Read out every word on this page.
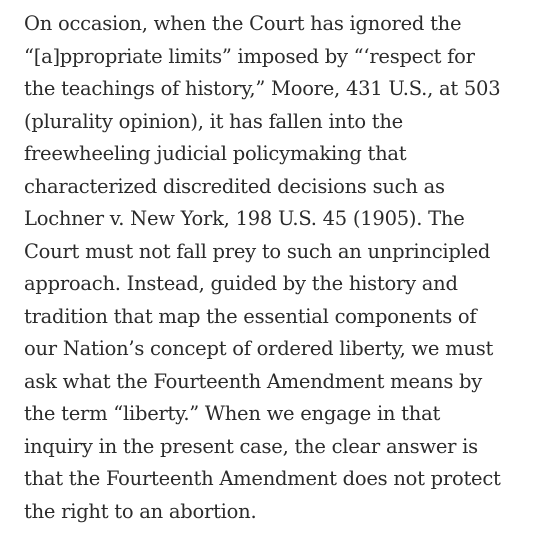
On occasion, when the Court has ignored the
“[a]ppropriate limits” imposed by “‘respect for
the teachings of history,” Moore, 431 U.S., at 503
(plurality opinion), it has fallen into the
freewheeling judicial policymaking that
characterized discredited decisions such as
Lochner v. New York, 198 U.S. 45 (1905). The
Court must not fall prey to such an unprincipled
approach. Instead, guided by the history and
tradition that map the essential components of
our Nation’s concept of ordered liberty, we must
ask what the Fourteenth Amendment means by
the term “liberty.” When we engage in that
inquiry in the present case, the clear answer is
that the Fourteenth Amendment does not protect
the right to an abortion.
